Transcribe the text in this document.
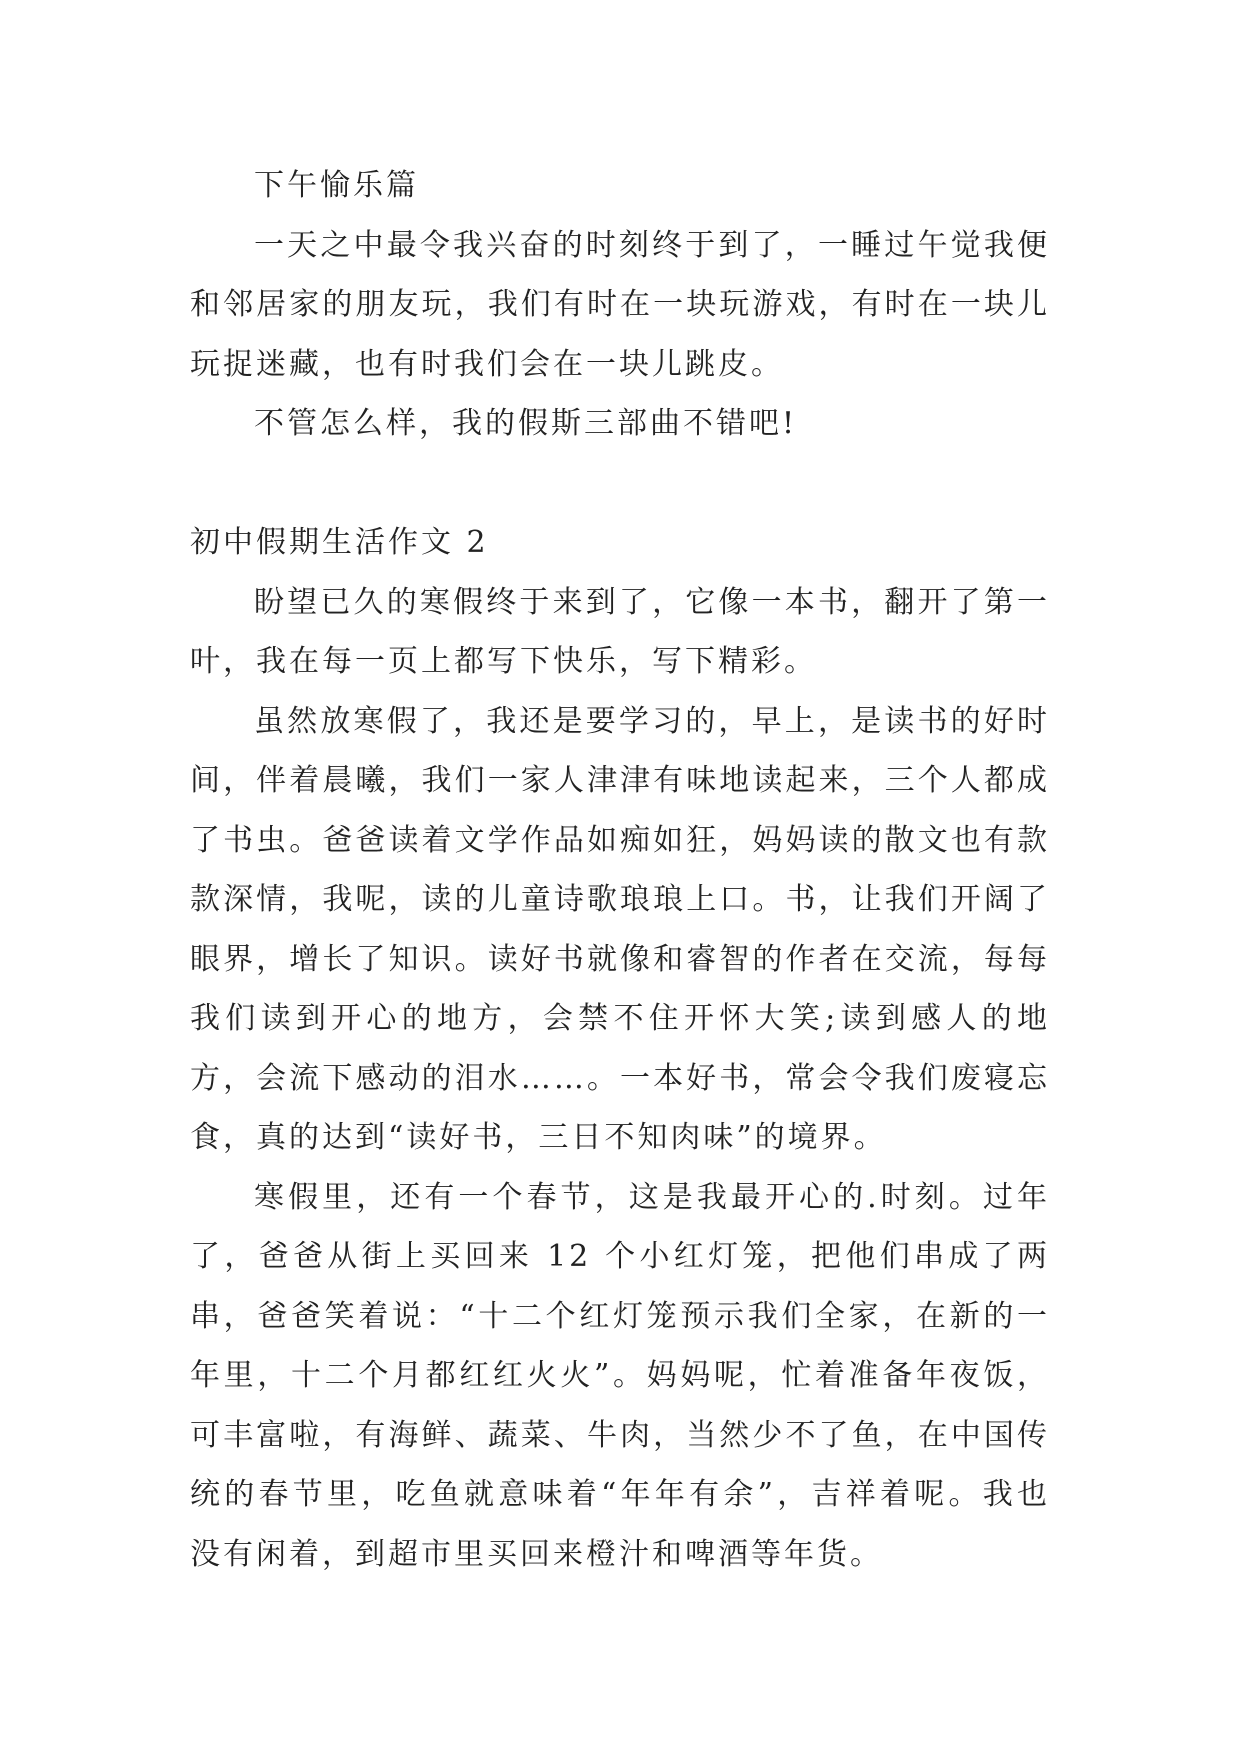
下午愉乐篇

一天之中最令我兴奋的时刻终于到了，一睡过午觉我便和邻居家的朋友玩，我们有时在一块玩游戏，有时在一块儿玩捉迷藏，也有时我们会在一块儿跳皮。

不管怎么样，我的假斯三部曲不错吧!

初中假期生活作文 2

盼望已久的寒假终于来到了，它像一本书，翻开了第一叶，我在每一页上都写下快乐，写下精彩。

虽然放寒假了，我还是要学习的，早上，是读书的好时间，伴着晨曦，我们一家人津津有味地读起来，三个人都成了书虫。爸爸读着文学作品如痴如狂，妈妈读的散文也有款款深情，我呢，读的儿童诗歌琅琅上口。书，让我们开阔了眼界，增长了知识。读好书就像和睿智的作者在交流，每每我们读到开心的地方，会禁不住开怀大笑;读到感人的地方，会流下感动的泪水……。一本好书，常会令我们废寝忘食，真的达到“读好书，三日不知肉味”的境界。

寒假里，还有一个春节，这是我最开心的.时刻。过年了，爸爸从街上买回来 12 个小红灯笼，把他们串成了两串，爸爸笑着说：“十二个红灯笼预示我们全家，在新的一年里，十二个月都红红火火”。妈妈呢，忙着准备年夜饭，可丰富啦，有海鲜、蔬菜、牛肉，当然少不了鱼，在中国传统的春节里，吃鱼就意味着“年年有余”，吉祥着呢。我也没有闲着，到超市里买回来橙汁和啤酒等年货。
